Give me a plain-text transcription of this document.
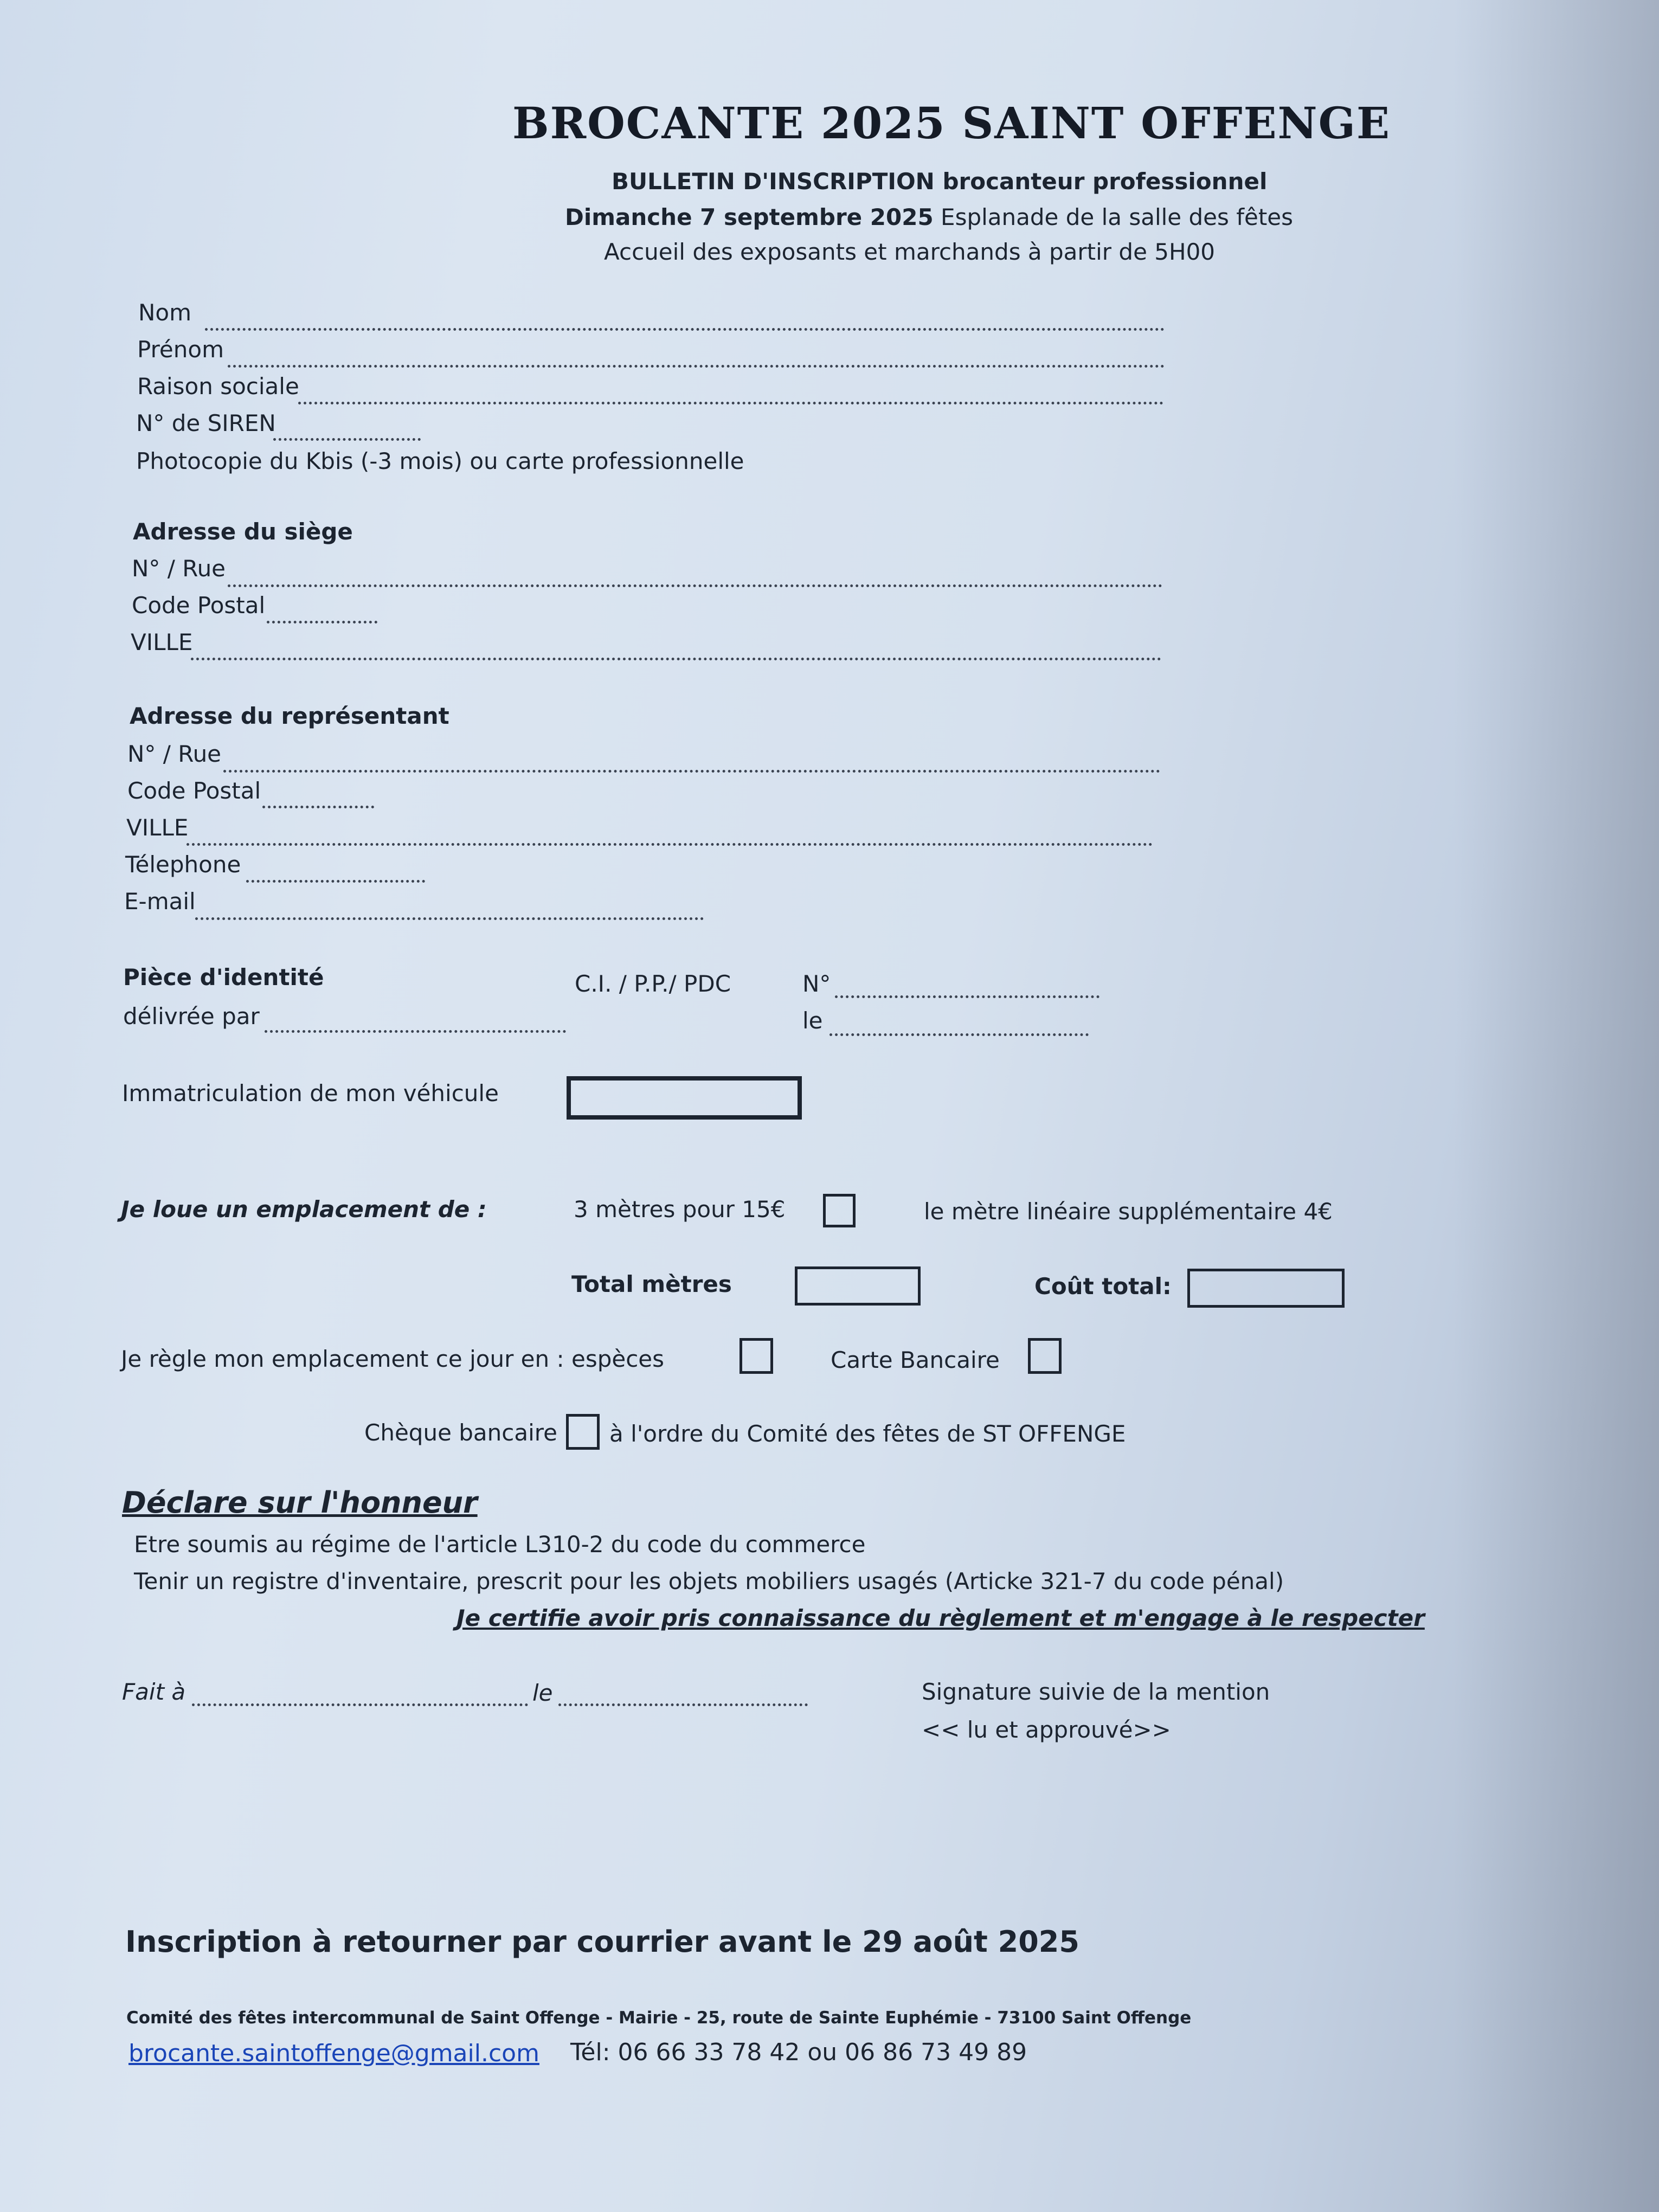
BROCANTE 2025 SAINT OFFENGE
BULLETIN D'INSCRIPTION brocanteur professionnel
Dimanche 7 septembre 2025 Esplanade de la salle des fêtes
Accueil des exposants et marchands à partir de 5H00
Nom
Prénom
Raison sociale
N° de SIREN
Photocopie du Kbis (-3 mois) ou carte professionnelle
Adresse du siège
N° / Rue
Code Postal
VILLE
Adresse du représentant
N° / Rue
Code Postal
VILLE
Télephone
E-mail
Pièce d'identité	C.I. / P.P./ PDC	N°
délivrée par	le
Immatriculation de mon véhicule
Je loue un emplacement de :	3 mètres pour 15€	le mètre linéaire supplémentaire 4€
Total mètres	Coût total:
Je règle mon emplacement ce jour en : espèces	Carte Bancaire
Chèque bancaire à l'ordre du Comité des fêtes de ST OFFENGE
Déclare sur l'honneur
Etre soumis au régime de l'article L310-2 du code du commerce
Tenir un registre d'inventaire, prescrit pour les objets mobiliers usagés (Articke 321-7 du code pénal)
Je certifie avoir pris connaissance du règlement et m'engage à le respecter
Fait à	le	Signature suivie de la mention
<< lu et approuvé>>
Inscription à retourner par courrier avant le 29 août 2025
Comité des fêtes intercommunal de Saint Offenge - Mairie - 25, route de Sainte Euphémie - 73100 Saint Offenge
brocante.saintoffenge@gmail.com Tél: 06 66 33 78 42 ou 06 86 73 49 89
